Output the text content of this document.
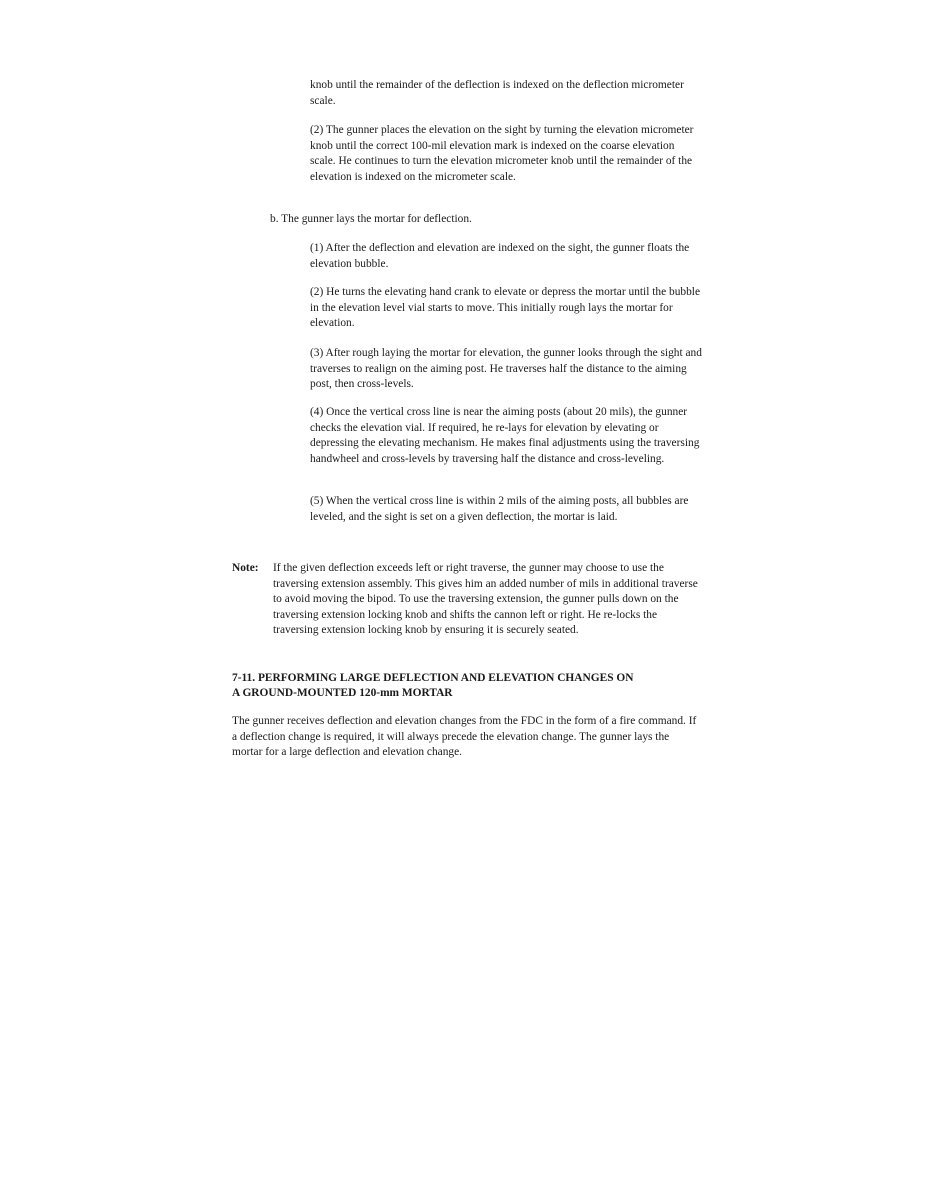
knob until the remainder of the deflection is indexed on the deflection micrometer scale.

(2) The gunner places the elevation on the sight by turning the elevation micrometer knob until the correct 100-mil elevation mark is indexed on the coarse elevation scale. He continues to turn the elevation micrometer knob until the remainder of the elevation is indexed on the micrometer scale.

b. The gunner lays the mortar for deflection.

(1) After the deflection and elevation are indexed on the sight, the gunner floats the elevation bubble.

(2) He turns the elevating hand crank to elevate or depress the mortar until the bubble in the elevation level vial starts to move. This initially rough lays the mortar for elevation.

(3) After rough laying the mortar for elevation, the gunner looks through the sight and traverses to realign on the aiming post. He traverses half the distance to the aiming post, then cross-levels.

(4) Once the vertical cross line is near the aiming posts (about 20 mils), the gunner checks the elevation vial. If required, he re-lays for elevation by elevating or depressing the elevating mechanism. He makes final adjustments using the traversing handwheel and cross-levels by traversing half the distance and cross-leveling.

(5) When the vertical cross line is within 2 mils of the aiming posts, all bubbles are leveled, and the sight is set on a given deflection, the mortar is laid.

Note: If the given deflection exceeds left or right traverse, the gunner may choose to use the traversing extension assembly. This gives him an added number of mils in additional traverse to avoid moving the bipod. To use the traversing extension, the gunner pulls down on the traversing extension locking knob and shifts the cannon left or right. He re-locks the traversing extension locking knob by ensuring it is securely seated.
7-11. PERFORMING LARGE DEFLECTION AND ELEVATION CHANGES ON
A GROUND-MOUNTED 120-mm MORTAR

The gunner receives deflection and elevation changes from the FDC in the form of a fire command. If a deflection change is required, it will always precede the elevation change. The gunner lays the mortar for a large deflection and elevation change.
